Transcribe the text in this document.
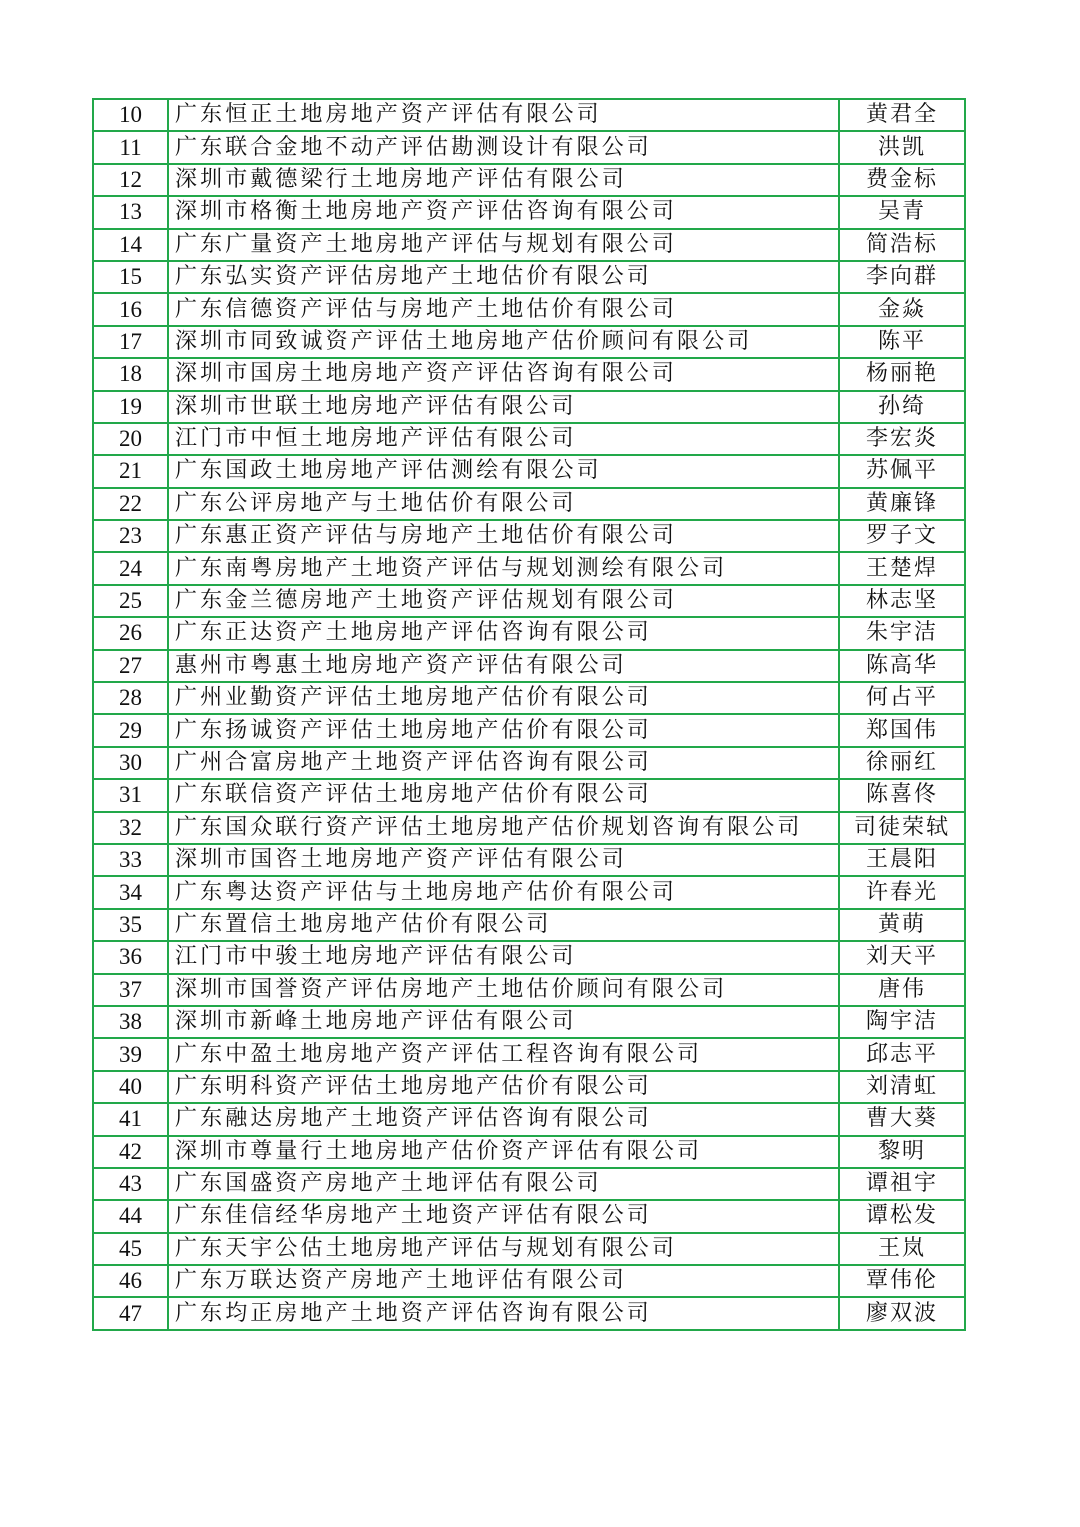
10	广东恒正土地房地产资产评估有限公司	黄君全
11	广东联合金地不动产评估勘测设计有限公司	洪凯
12	深圳市戴德梁行土地房地产评估有限公司	费金标
13	深圳市格衡土地房地产资产评估咨询有限公司	吴青
14	广东广量资产土地房地产评估与规划有限公司	简浩标
15	广东弘实资产评估房地产土地估价有限公司	李向群
16	广东信德资产评估与房地产土地估价有限公司	金焱
17	深圳市同致诚资产评估土地房地产估价顾问有限公司	陈平
18	深圳市国房土地房地产资产评估咨询有限公司	杨丽艳
19	深圳市世联土地房地产评估有限公司	孙绮
20	江门市中恒土地房地产评估有限公司	李宏炎
21	广东国政土地房地产评估测绘有限公司	苏佩平
22	广东公评房地产与土地估价有限公司	黄廉锋
23	广东惠正资产评估与房地产土地估价有限公司	罗子文
24	广东南粤房地产土地资产评估与规划测绘有限公司	王楚焊
25	广东金兰德房地产土地资产评估规划有限公司	林志坚
26	广东正达资产土地房地产评估咨询有限公司	朱宇洁
27	惠州市粤惠土地房地产资产评估有限公司	陈高华
28	广州业勤资产评估土地房地产估价有限公司	何占平
29	广东扬诚资产评估土地房地产估价有限公司	郑国伟
30	广州合富房地产土地资产评估咨询有限公司	徐丽红
31	广东联信资产评估土地房地产估价有限公司	陈喜佟
32	广东国众联行资产评估土地房地产估价规划咨询有限公司	司徒荣轼
33	深圳市国咨土地房地产资产评估有限公司	王晨阳
34	广东粤达资产评估与土地房地产估价有限公司	许春光
35	广东置信土地房地产估价有限公司	黄萌
36	江门市中骏土地房地产评估有限公司	刘天平
37	深圳市国誉资产评估房地产土地估价顾问有限公司	唐伟
38	深圳市新峰土地房地产评估有限公司	陶宇洁
39	广东中盈土地房地产资产评估工程咨询有限公司	邱志平
40	广东明科资产评估土地房地产估价有限公司	刘清虹
41	广东融达房地产土地资产评估咨询有限公司	曹大葵
42	深圳市尊量行土地房地产估价资产评估有限公司	黎明
43	广东国盛资产房地产土地评估有限公司	谭祖宇
44	广东佳信经华房地产土地资产评估有限公司	谭松发
45	广东天宇公估土地房地产评估与规划有限公司	王岚
46	广东万联达资产房地产土地评估有限公司	覃伟伦
47	广东均正房地产土地资产评估咨询有限公司	廖双波
